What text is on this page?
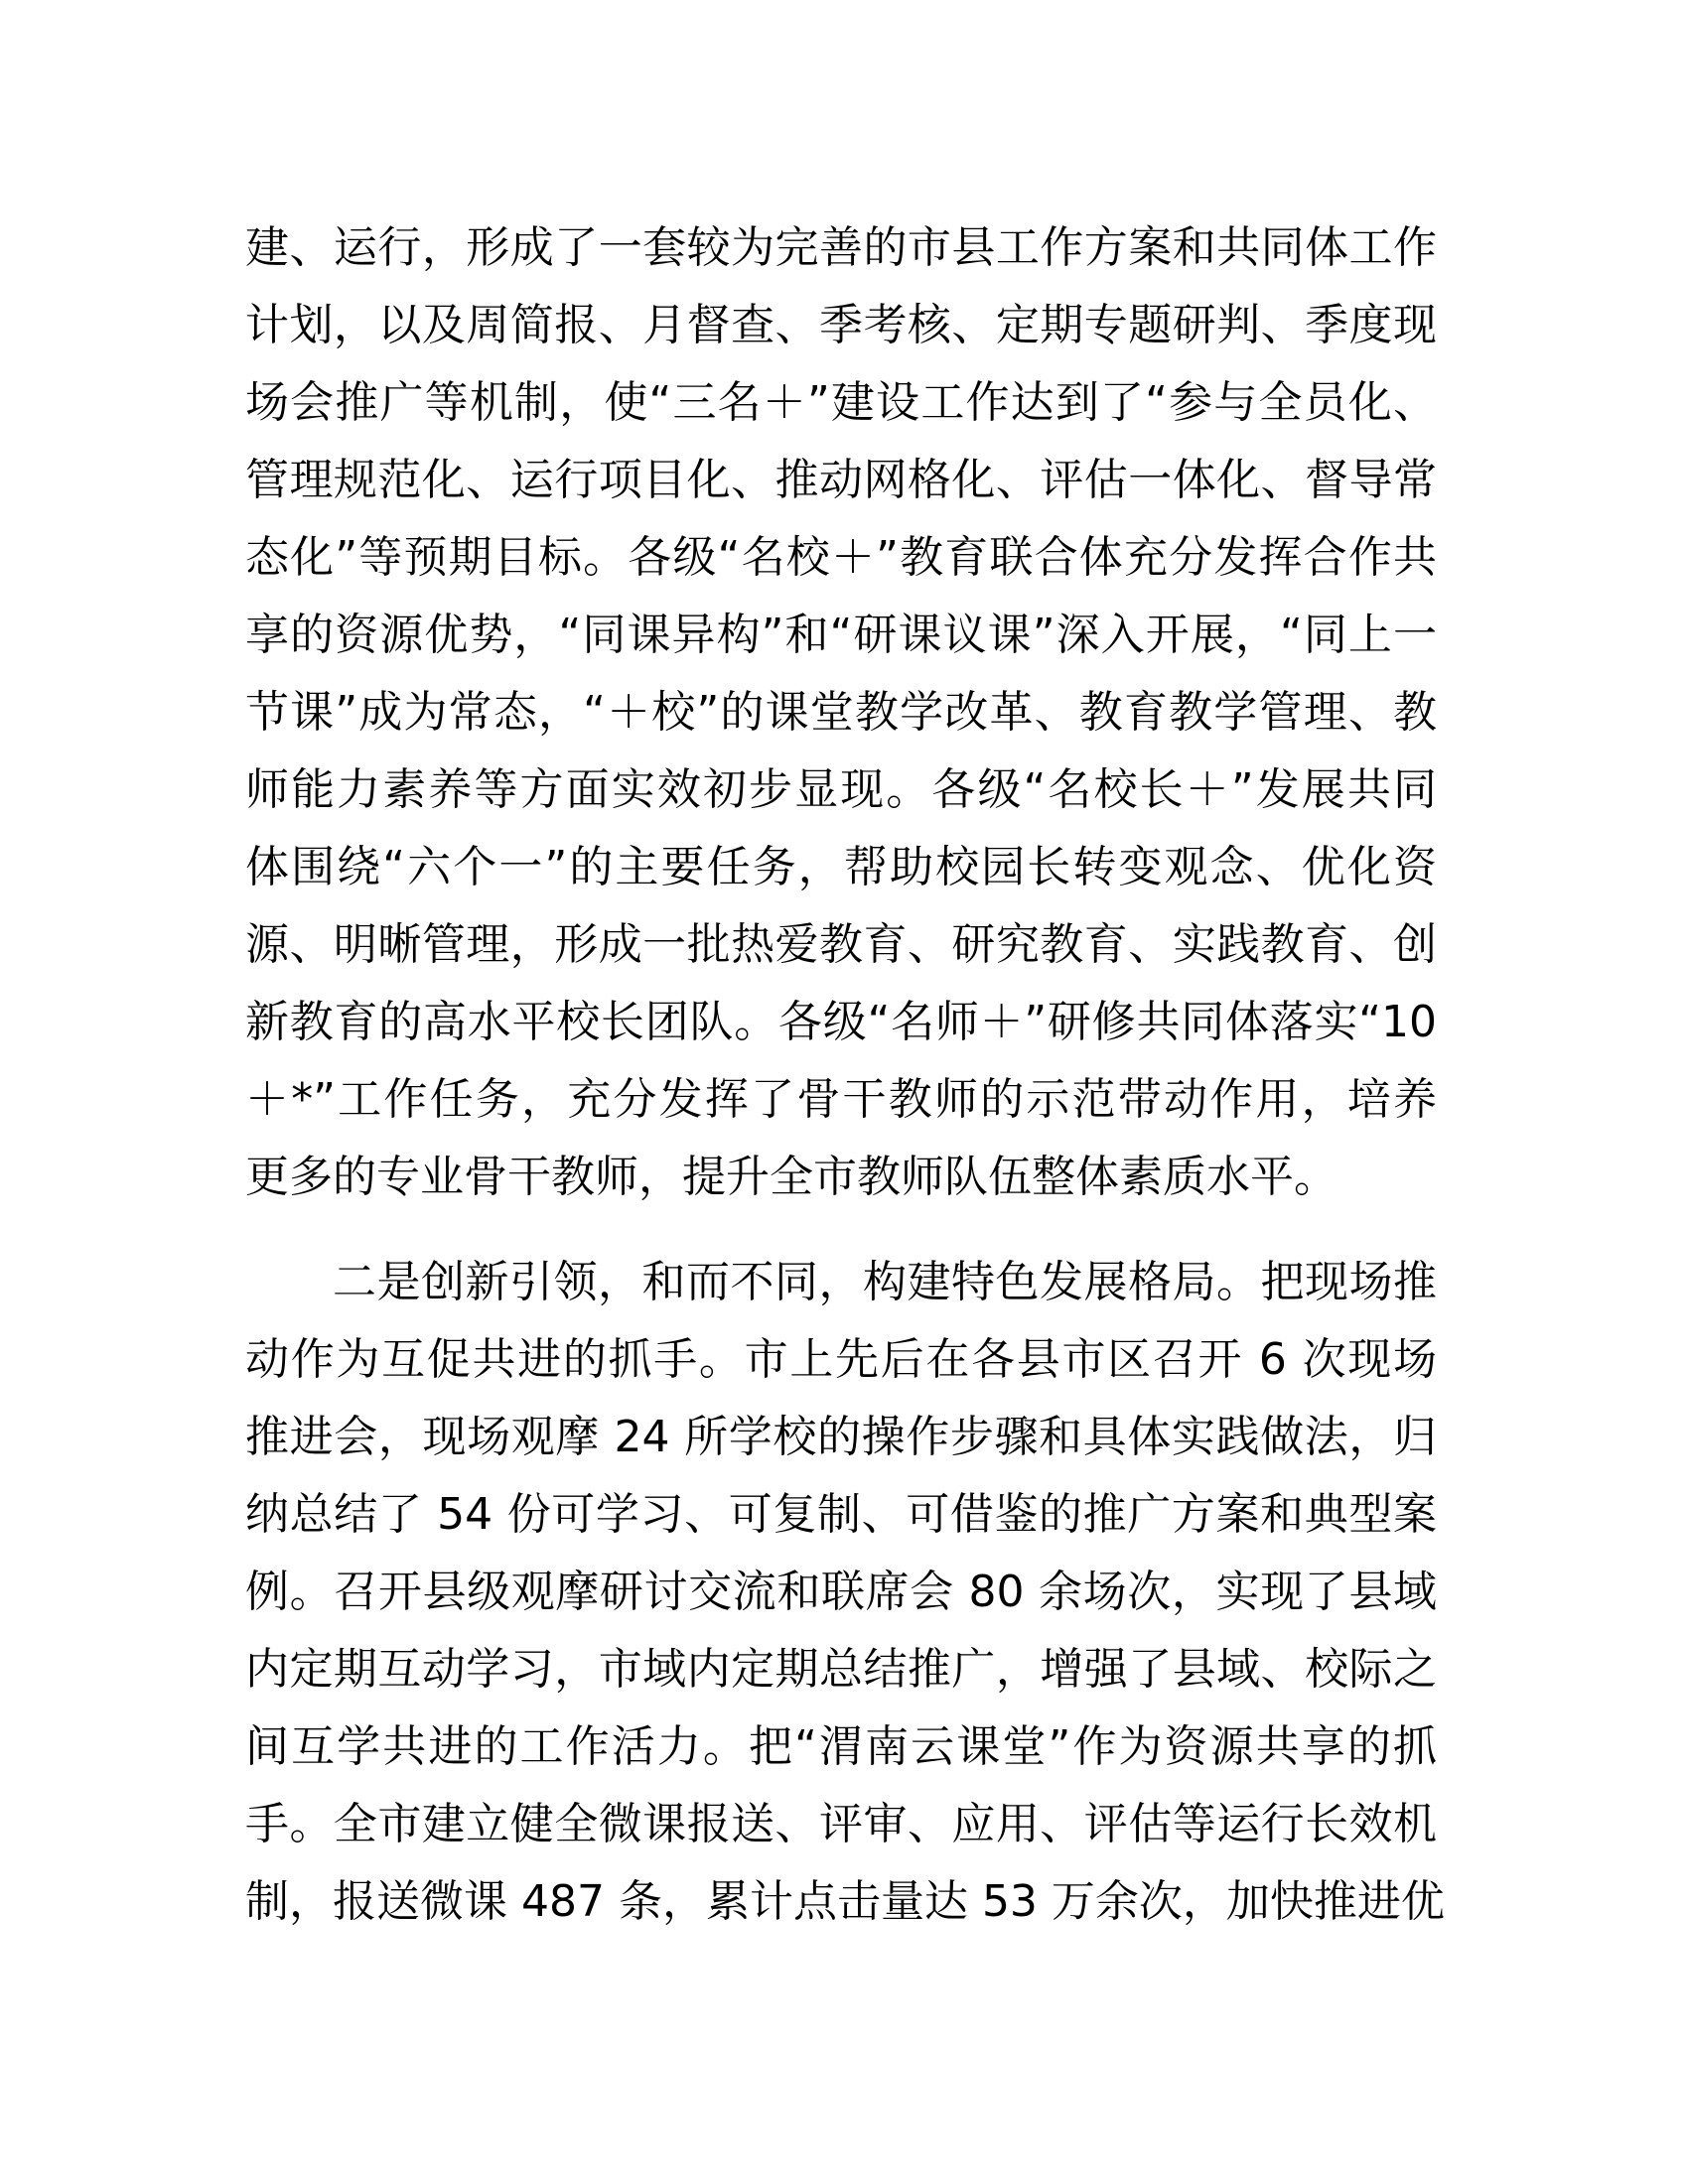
建、运行，形成了一套较为完善的市县工作方案和共同体工作
计划，以及周简报、月督查、季考核、定期专题研判、季度现
场会推广等机制，使“三名＋”建设工作达到了“参与全员化、
管理规范化、运行项目化、推动网格化、评估一体化、督导常
态化”等预期目标。各级“名校＋”教育联合体充分发挥合作共
享的资源优势，“同课异构”和“研课议课”深入开展，“同上一
节课”成为常态，“＋校”的课堂教学改革、教育教学管理、教
师能力素养等方面实效初步显现。各级“名校长＋”发展共同
体围绕“六个一”的主要任务，帮助校园长转变观念、优化资
源、明晰管理，形成一批热爱教育、研究教育、实践教育、创
新教育的高水平校长团队。各级“名师＋”研修共同体落实“10
＋*”工作任务，充分发挥了骨干教师的示范带动作用，培养
更多的专业骨干教师，提升全市教师队伍整体素质水平。
二是创新引领，和而不同，构建特色发展格局。把现场推
动作为互促共进的抓手。市上先后在各县市区召开 6 次现场
推进会，现场观摩 24 所学校的操作步骤和具体实践做法，归
纳总结了 54 份可学习、可复制、可借鉴的推广方案和典型案
例。召开县级观摩研讨交流和联席会 80 余场次，实现了县域
内定期互动学习，市域内定期总结推广，增强了县域、校际之
间互学共进的工作活力。把“渭南云课堂”作为资源共享的抓
手。全市建立健全微课报送、评审、应用、评估等运行长效机
制，报送微课 487 条，累计点击量达 53 万余次，加快推进优
